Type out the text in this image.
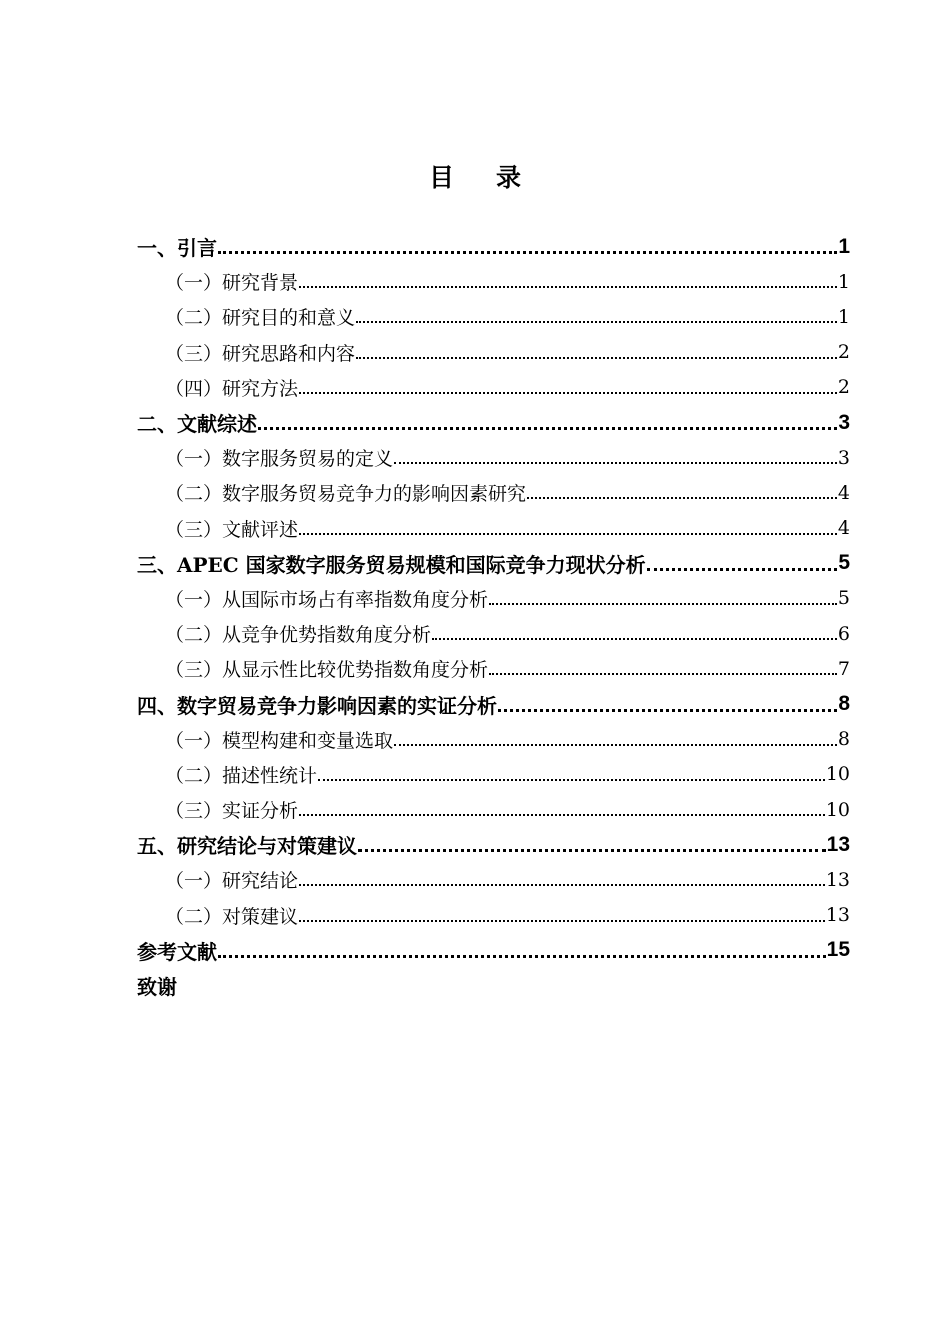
目 录
一、引言	1
（一）研究背景	1
（二）研究目的和意义	1
（三）研究思路和内容	2
（四）研究方法	2
二、文献综述	3
（一）数字服务贸易的定义	3
（二）数字服务贸易竞争力的影响因素研究	4
（三）文献评述	4
三、APEC 国家数字服务贸易规模和国际竞争力现状分析	5
（一）从国际市场占有率指数角度分析	5
（二）从竞争优势指数角度分析	6
（三）从显示性比较优势指数角度分析	7
四、数字贸易竞争力影响因素的实证分析	8
（一）模型构建和变量选取	8
（二）描述性统计	10
（三）实证分析	10
五、研究结论与对策建议	13
（一）研究结论	13
（二）对策建议	13
参考文献	15
致谢
